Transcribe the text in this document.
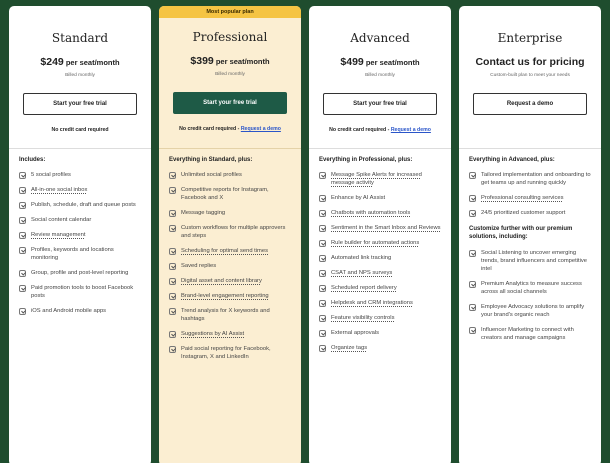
Standard
$249 per seat/month
Billed monthly
Start your free trial
No credit card required
Includes:
5 social profiles
All-in-one social inbox
Publish, schedule, draft and queue posts
Social content calendar
Review management
Profiles, keywords and locations monitoring
Group, profile and post-level reporting
Paid promotion tools to boost Facebook posts
iOS and Android mobile apps
Most popular plan
Professional
$399 per seat/month
Billed monthly
Start your free trial
No credit card required - Request a demo
Everything in Standard, plus:
Unlimited social profiles
Competitive reports for Instagram, Facebook and X
Message tagging
Custom workflows for multiple approvers and steps
Scheduling for optimal send times
Saved replies
Digital asset and content library
Brand-level engagement reporting
Trend analysis for X keywords and hashtags
Suggestions by AI Assist
Paid social reporting for Facebook, Instagram, X and LinkedIn
Advanced
$499 per seat/month
Billed monthly
Start your free trial
No credit card required - Request a demo
Everything in Professional, plus:
Message Spike Alerts for increased message activity
Enhance by AI Assist
Chatbots with automation tools
Sentiment in the Smart Inbox and Reviews
Rule builder for automated actions
Automated link tracking
CSAT and NPS surveys
Scheduled report delivery
Helpdesk and CRM integrations
Feature visibility controls
External approvals
Organize tags
Enterprise
Contact us for pricing
Custom-built plan to meet your needs
Request a demo
Everything in Advanced, plus:
Tailored implementation and onboarding to get teams up and running quickly
Professional consulting services
24/5 prioritized customer support
Customize further with our premium solutions, including:
Social Listening to uncover emerging trends, brand influencers and competitive intel
Premium Analytics to measure success across all social channels
Employee Advocacy solutions to amplify your brand's organic reach
Influencer Marketing to connect with creators and manage campaigns
